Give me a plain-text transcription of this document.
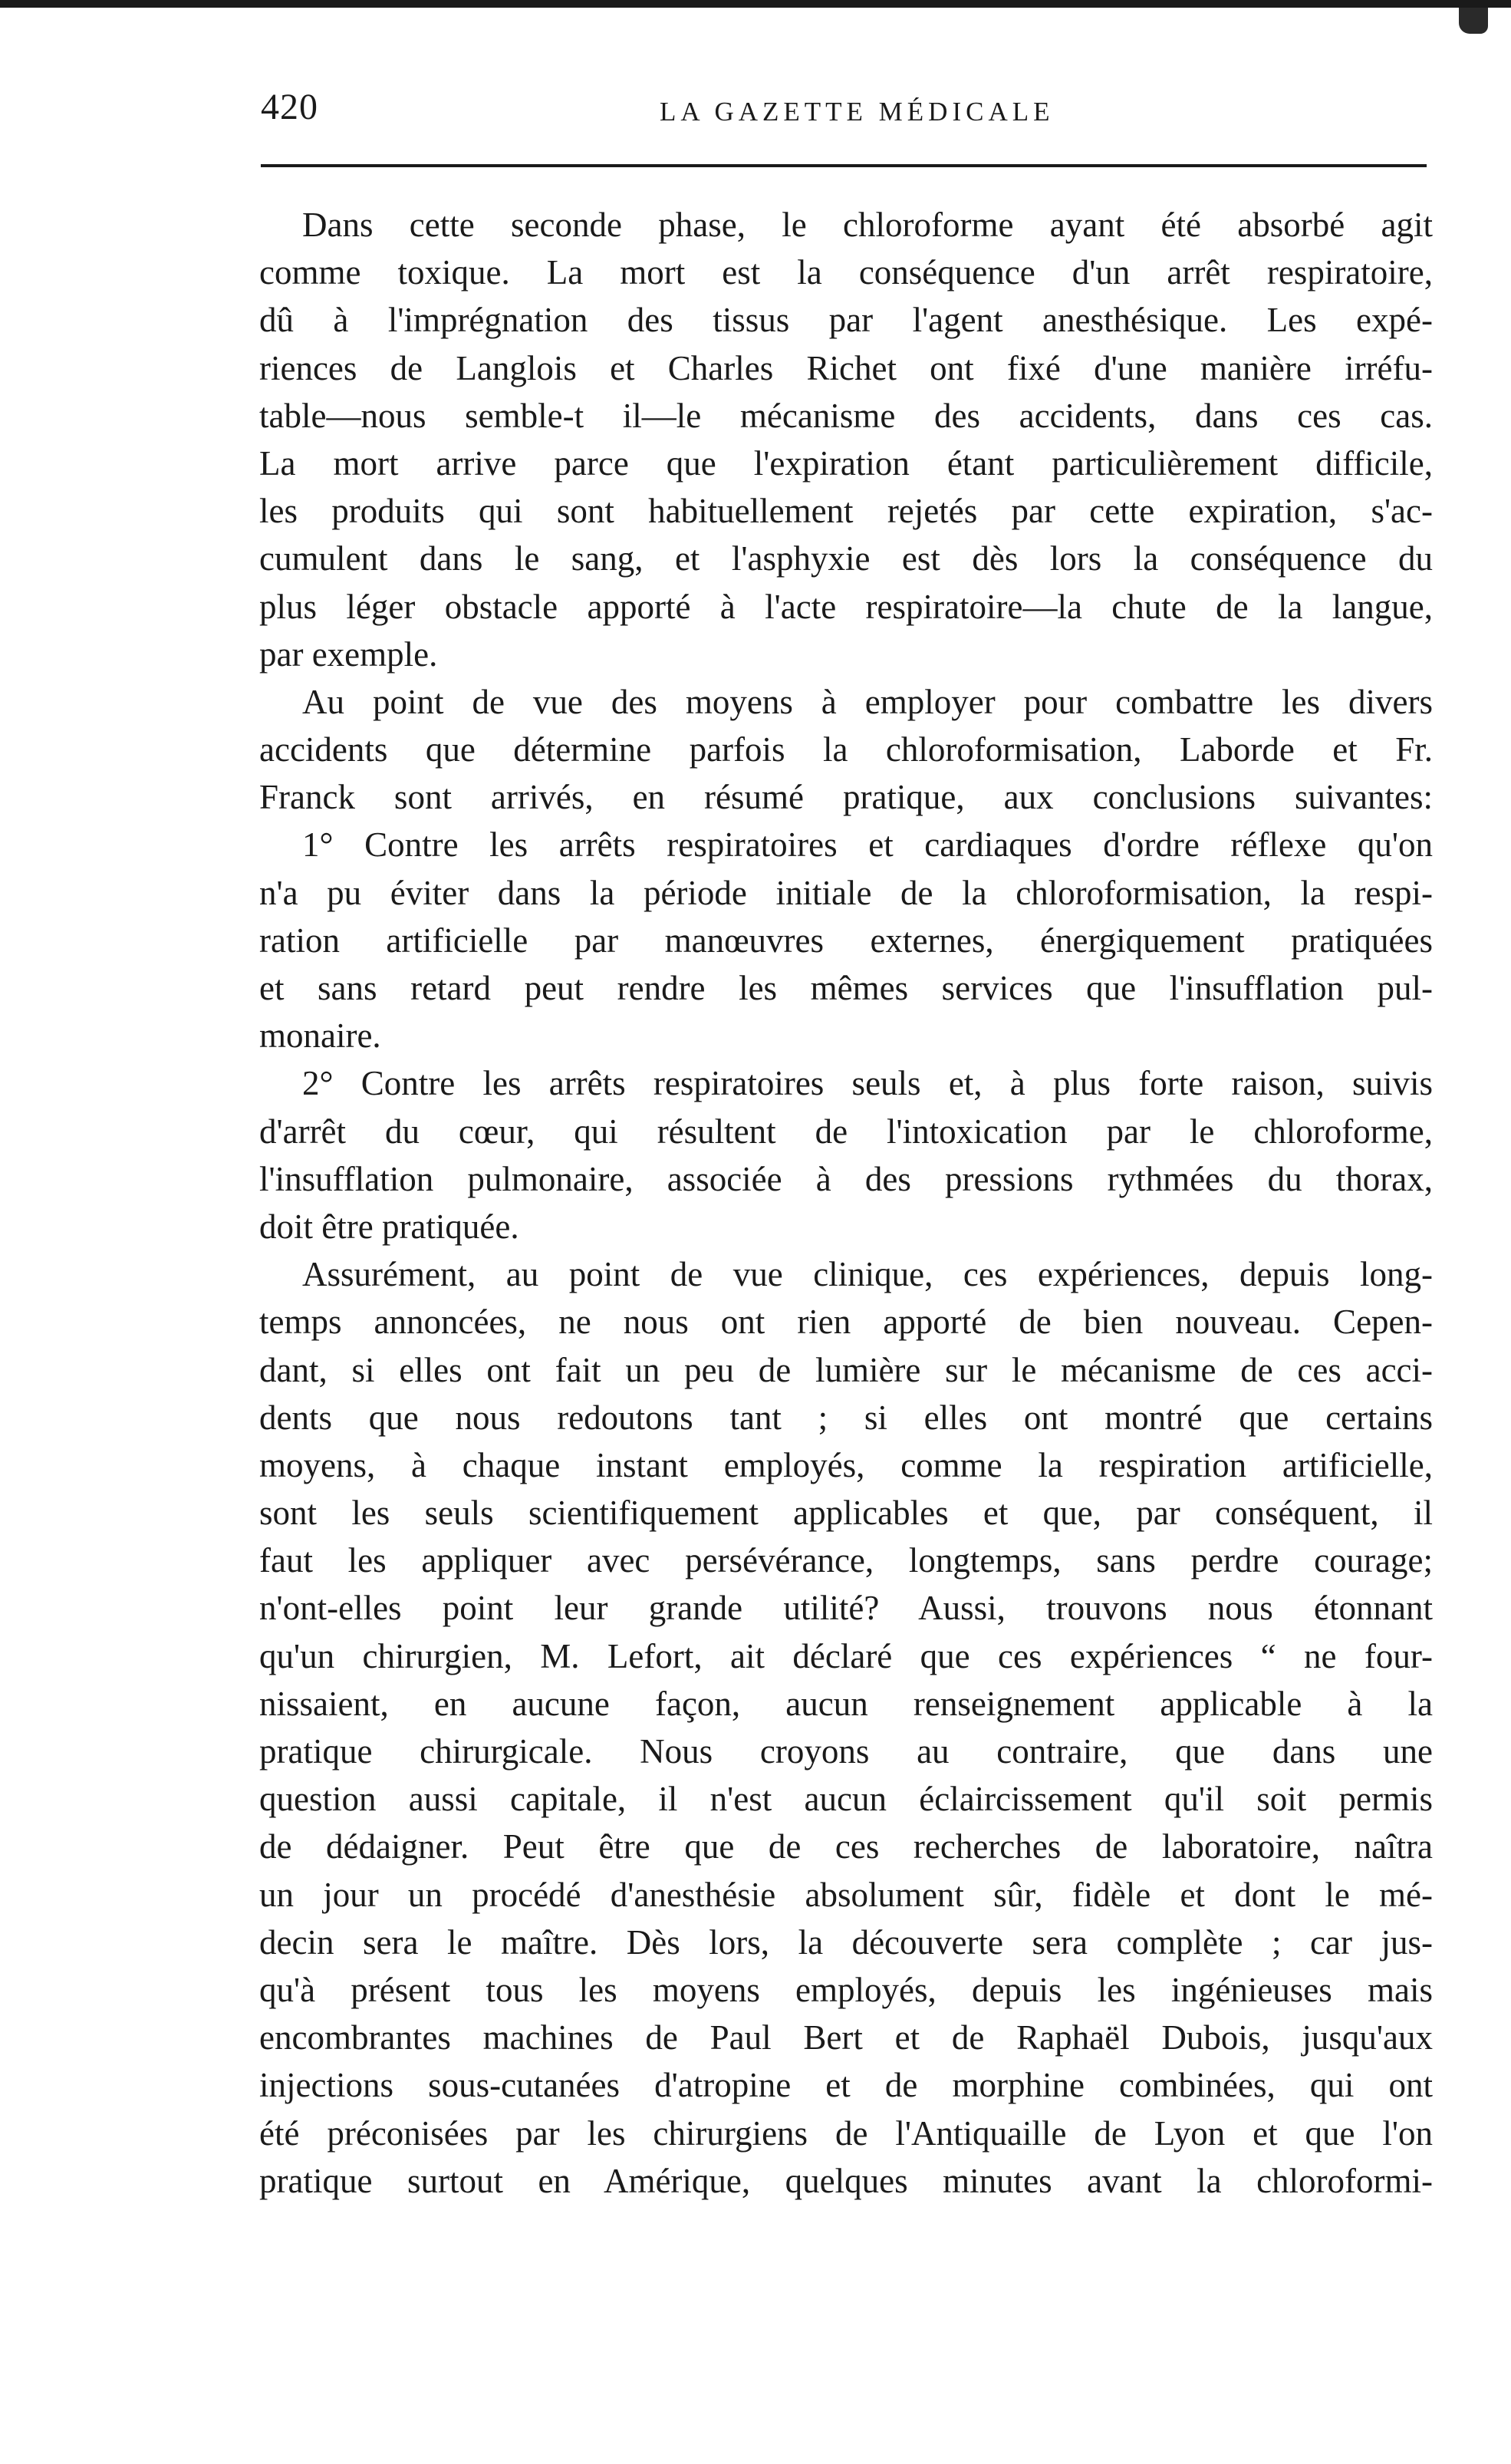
420	LA GAZETTE MÉDICALE
Dans cette seconde phase, le chloroforme ayant été absorbé agit
comme toxique. La mort est la conséquence d'un arrêt respiratoire,
dû à l'imprégnation des tissus par l'agent anesthésique. Les expé-
riences de Langlois et Charles Richet ont fixé d'une manière irréfu-
table—nous semble-t il—le mécanisme des accidents, dans ces cas.
La mort arrive parce que l'expiration étant particulièrement difficile,
les produits qui sont habituellement rejetés par cette expiration, s'ac-
cumulent dans le sang, et l'asphyxie est dès lors la conséquence du
plus léger obstacle apporté à l'acte respiratoire—la chute de la langue,
par exemple.
Au point de vue des moyens à employer pour combattre les divers
accidents que détermine parfois la chloroformisation, Laborde et Fr.
Franck sont arrivés, en résumé pratique, aux conclusions suivantes:
1° Contre les arrêts respiratoires et cardiaques d'ordre réflexe qu'on
n'a pu éviter dans la période initiale de la chloroformisation, la respi-
ration artificielle par manœuvres externes, énergiquement pratiquées
et sans retard peut rendre les mêmes services que l'insufflation pul-
monaire.
2° Contre les arrêts respiratoires seuls et, à plus forte raison, suivis
d'arrêt du cœur, qui résultent de l'intoxication par le chloroforme,
l'insufflation pulmonaire, associée à des pressions rythmées du thorax,
doit être pratiquée.
Assurément, au point de vue clinique, ces expériences, depuis long-
temps annoncées, ne nous ont rien apporté de bien nouveau. Cepen-
dant, si elles ont fait un peu de lumière sur le mécanisme de ces acci-
dents que nous redoutons tant ; si elles ont montré que certains
moyens, à chaque instant employés, comme la respiration artificielle,
sont les seuls scientifiquement applicables et que, par conséquent, il
faut les appliquer avec persévérance, longtemps, sans perdre courage;
n'ont-elles point leur grande utilité? Aussi, trouvons nous étonnant
qu'un chirurgien, M. Lefort, ait déclaré que ces expériences “ ne four-
nissaient, en aucune façon, aucun renseignement applicable à la
pratique chirurgicale. Nous croyons au contraire, que dans une
question aussi capitale, il n'est aucun éclaircissement qu'il soit permis
de dédaigner. Peut être que de ces recherches de laboratoire, naîtra
un jour un procédé d'anesthésie absolument sûr, fidèle et dont le mé-
decin sera le maître. Dès lors, la découverte sera complète ; car jus-
qu'à présent tous les moyens employés, depuis les ingénieuses mais
encombrantes machines de Paul Bert et de Raphaël Dubois, jusqu'aux
injections sous-cutanées d'atropine et de morphine combinées, qui ont
été préconisées par les chirurgiens de l'Antiquaille de Lyon et que l'on
pratique surtout en Amérique, quelques minutes avant la chloroformi-
